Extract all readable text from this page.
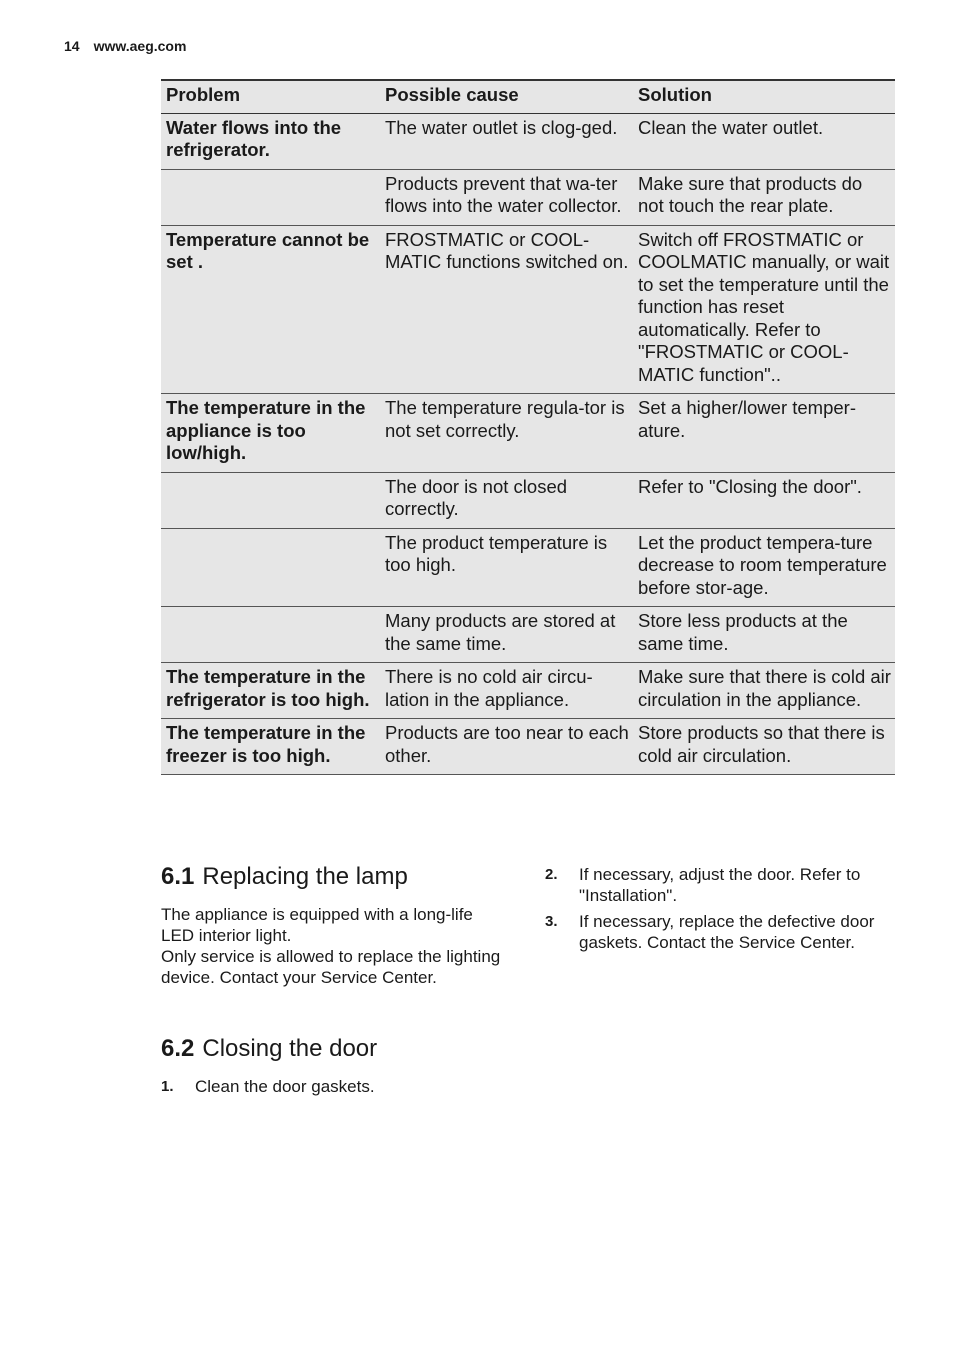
14 www.aeg.com
Problem	Possible cause	Solution
Water flows into the refrigerator.	The water outlet is clog-ged.	Clean the water outlet.
	Products prevent that wa-ter flows into the water collector.	Make sure that products do not touch the rear plate.
Temperature cannot be set .	FROSTMATIC or COOL-MATIC functions switched on.	Switch off FROSTMATIC or COOLMATIC manually, or wait to set the temperature until the function has reset automatically. Refer to "FROSTMATIC or COOL-MATIC function"..
The temperature in the appliance is too low/high.	The temperature regula-tor is not set correctly.	Set a higher/lower temper-ature.
	The door is not closed correctly.	Refer to "Closing the door".
	The product temperature is too high.	Let the product tempera-ture decrease to room temperature before stor-age.
	Many products are stored at the same time.	Store less products at the same time.
The temperature in the refrigerator is too high.	There is no cold air circu-lation in the appliance.	Make sure that there is cold air circulation in the appliance.
The temperature in the freezer is too high.	Products are too near to each other.	Store products so that there is cold air circulation.
6.1 Replacing the lamp

The appliance is equipped with a long-life LED interior light.

Only service is allowed to replace the lighting device. Contact your Service Center.

6.2 Closing the door
1.	Clean the door gaskets.
2.	If necessary, adjust the door. Refer to "Installation".
3.	If necessary, replace the defective door gaskets. Contact the Service Center.
